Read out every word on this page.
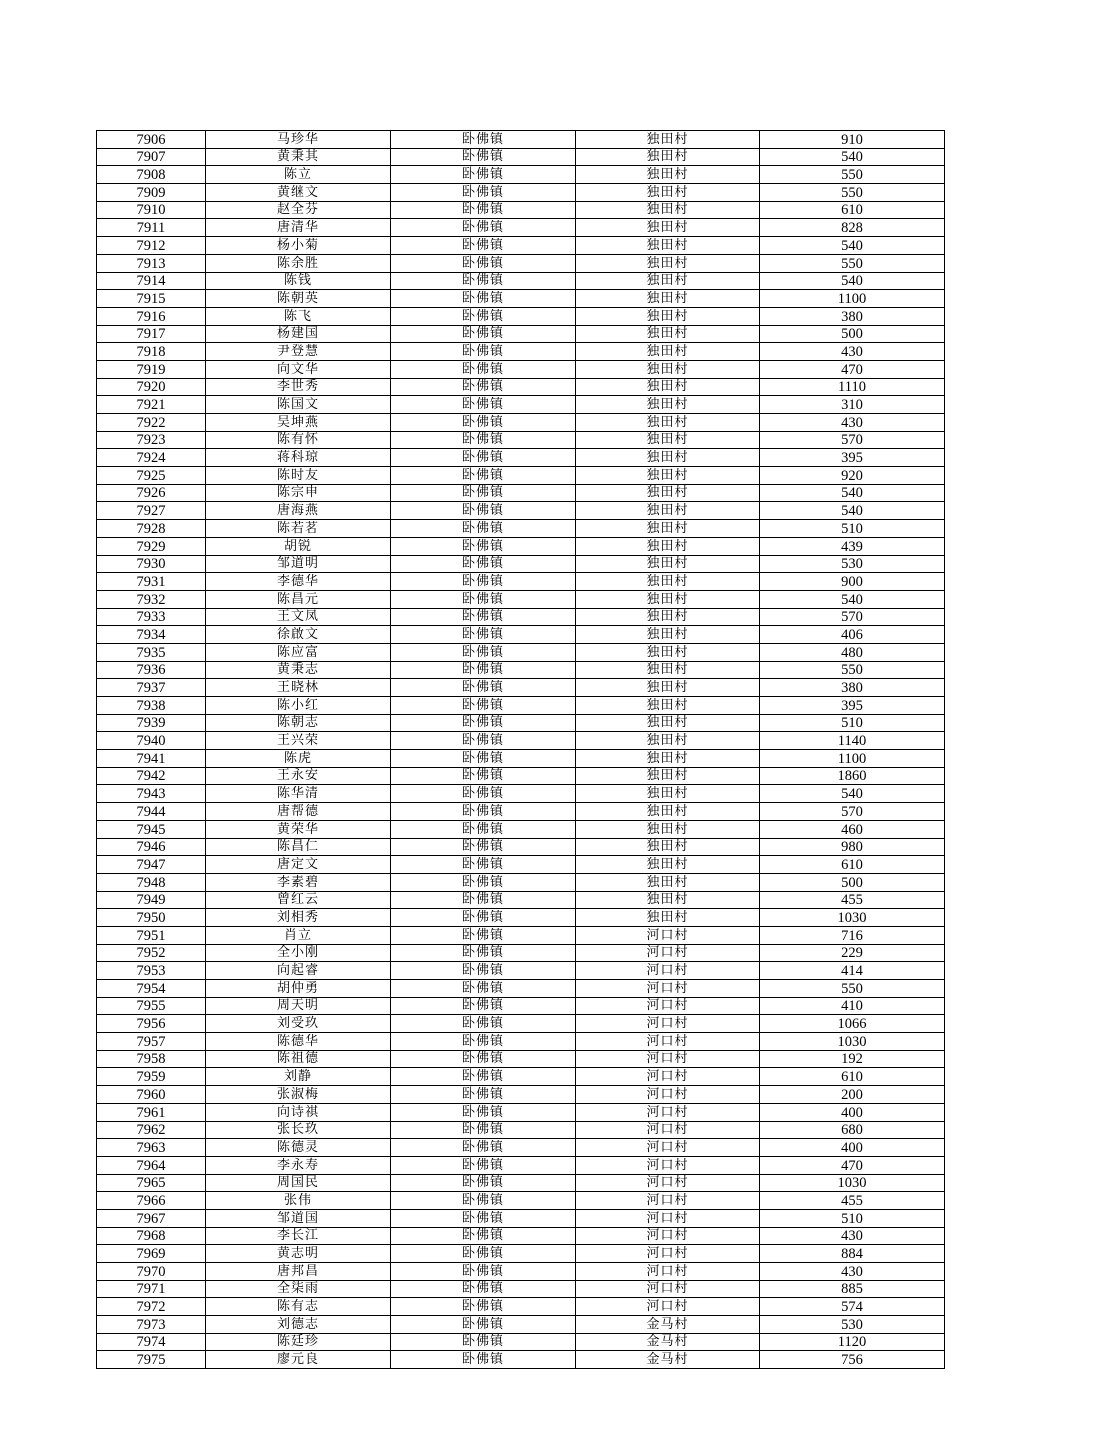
7906	马珍华	卧佛镇	独田村	910
7907	黄秉其	卧佛镇	独田村	540
7908	陈立	卧佛镇	独田村	550
7909	黄继文	卧佛镇	独田村	550
7910	赵全芬	卧佛镇	独田村	610
7911	唐清华	卧佛镇	独田村	828
7912	杨小菊	卧佛镇	独田村	540
7913	陈余胜	卧佛镇	独田村	550
7914	陈钱	卧佛镇	独田村	540
7915	陈朝英	卧佛镇	独田村	1100
7916	陈飞	卧佛镇	独田村	380
7917	杨建国	卧佛镇	独田村	500
7918	尹登慧	卧佛镇	独田村	430
7919	向文华	卧佛镇	独田村	470
7920	李世秀	卧佛镇	独田村	1110
7921	陈国文	卧佛镇	独田村	310
7922	吴坤燕	卧佛镇	独田村	430
7923	陈有怀	卧佛镇	独田村	570
7924	蒋科琼	卧佛镇	独田村	395
7925	陈时友	卧佛镇	独田村	920
7926	陈宗申	卧佛镇	独田村	540
7927	唐海燕	卧佛镇	独田村	540
7928	陈若茗	卧佛镇	独田村	510
7929	胡锐	卧佛镇	独田村	439
7930	邹道明	卧佛镇	独田村	530
7931	李德华	卧佛镇	独田村	900
7932	陈昌元	卧佛镇	独田村	540
7933	王文凤	卧佛镇	独田村	570
7934	徐啟文	卧佛镇	独田村	406
7935	陈应富	卧佛镇	独田村	480
7936	黄秉志	卧佛镇	独田村	550
7937	王晓林	卧佛镇	独田村	380
7938	陈小红	卧佛镇	独田村	395
7939	陈朝志	卧佛镇	独田村	510
7940	王兴荣	卧佛镇	独田村	1140
7941	陈虎	卧佛镇	独田村	1100
7942	王永安	卧佛镇	独田村	1860
7943	陈华清	卧佛镇	独田村	540
7944	唐帮德	卧佛镇	独田村	570
7945	黄荣华	卧佛镇	独田村	460
7946	陈昌仁	卧佛镇	独田村	980
7947	唐定文	卧佛镇	独田村	610
7948	李素碧	卧佛镇	独田村	500
7949	曾红云	卧佛镇	独田村	455
7950	刘相秀	卧佛镇	独田村	1030
7951	肖立	卧佛镇	河口村	716
7952	全小刚	卧佛镇	河口村	229
7953	向起睿	卧佛镇	河口村	414
7954	胡仲勇	卧佛镇	河口村	550
7955	周天明	卧佛镇	河口村	410
7956	刘受玖	卧佛镇	河口村	1066
7957	陈德华	卧佛镇	河口村	1030
7958	陈祖德	卧佛镇	河口村	192
7959	刘静	卧佛镇	河口村	610
7960	张淑梅	卧佛镇	河口村	200
7961	向诗祺	卧佛镇	河口村	400
7962	张长玖	卧佛镇	河口村	680
7963	陈德灵	卧佛镇	河口村	400
7964	李永寿	卧佛镇	河口村	470
7965	周国民	卧佛镇	河口村	1030
7966	张伟	卧佛镇	河口村	455
7967	邹道国	卧佛镇	河口村	510
7968	李长江	卧佛镇	河口村	430
7969	黄志明	卧佛镇	河口村	884
7970	唐邦昌	卧佛镇	河口村	430
7971	全柒雨	卧佛镇	河口村	885
7972	陈有志	卧佛镇	河口村	574
7973	刘德志	卧佛镇	金马村	530
7974	陈廷珍	卧佛镇	金马村	1120
7975	廖元良	卧佛镇	金马村	756
